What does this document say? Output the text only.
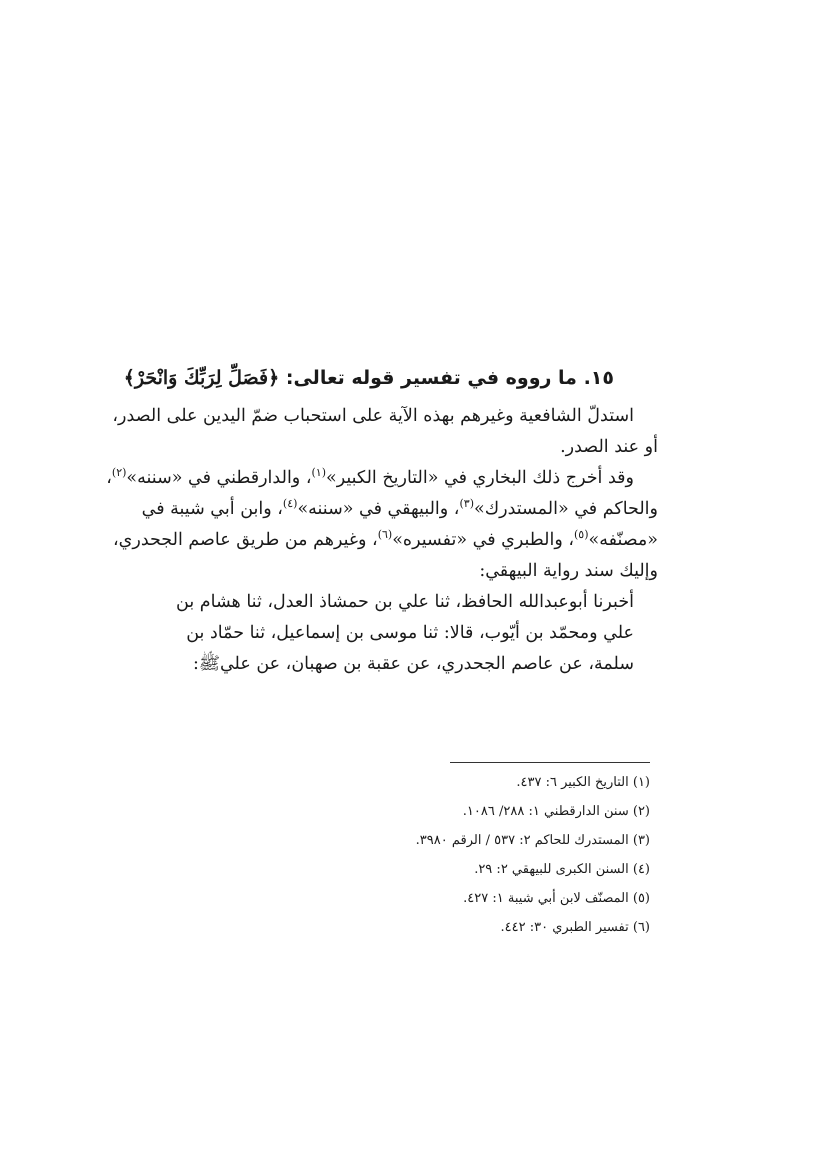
١٥. ما رووه في تفسير قوله تعالى: ﴿فَصَلِّ لِرَبِّكَ وَانْحَرْ﴾
استدلّ الشافعية وغيرهم بهذه الآية على استحباب ضمّ اليدين على الصدر،
أو عند الصدر.
وقد أخرج ذلك البخاري في «التاريخ الكبير»$^{(١)}$، والدارقطني في «سننه»$^{(٢)}$،
والحاكم في «المستدرك»$^{(٣)}$، والبيهقي في «سننه»$^{(٤)}$، وابن أبي شيبة في
«مصنّفه»$^{(٥)}$، والطبري في «تفسيره»$^{(٦)}$، وغيرهم من طريق عاصم الجحدري،
وإليك سند رواية البيهقي:
أخبرنا أبوعبدالله الحافظ، ثنا علي بن حمشاذ العدل، ثنا هشام بن
علي ومحمّد بن أيّوب، قالا: ثنا موسى بن إسماعيل، ثنا حمّاد بن
سلمة، عن عاصم الجحدري، عن عقبة بن صهبان، عن عليﷺ:
(١) التاريخ الكبير ٦: ٤٣٧.
(٢) سنن الدارقطني ١: ٢٨٨/ ١٠٨٦.
(٣) المستدرك للحاكم ٢: ٥٣٧ / الرقم ٣٩٨٠.
(٤) السنن الكبرى للبيهقي ٢: ٢٩.
(٥) المصنّف لابن أبي شيبة ١: ٤٢٧.
(٦) تفسير الطبري ٣٠: ٤٤٢.
